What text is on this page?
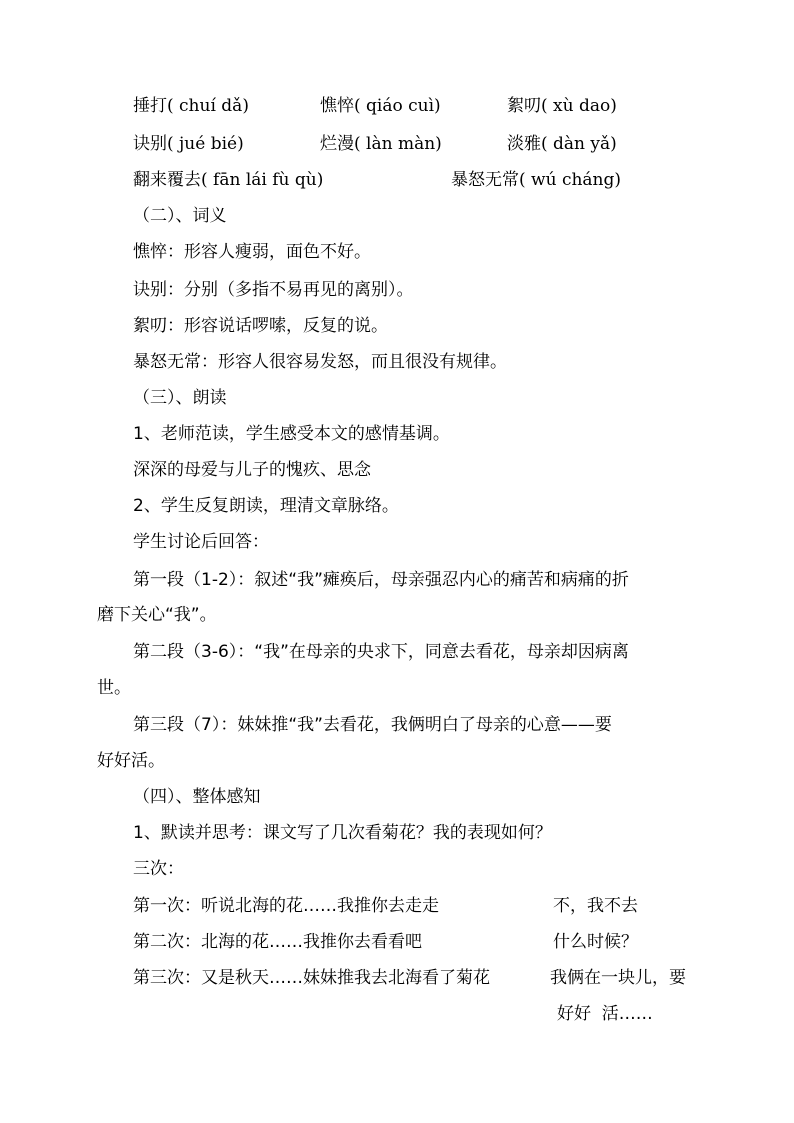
捶打( chuí dǎ)	憔悴( qiáo cuì)	絮叨( xù dao)
诀别( jué bié)	烂漫( làn màn)	淡雅( dàn yǎ)
翻来覆去( fān lái fù qù)	暴怒无常( wú cháng)
（二）、词义
憔悴：形容人瘦弱，面色不好。
诀别：分别（多指不易再见的离别）。
絮叨：形容说话啰嗦，反复的说。
暴怒无常：形容人很容易发怒，而且很没有规律。
（三）、朗读
1、老师范读，学生感受本文的感情基调。
深深的母爱与儿子的愧疚、思念
2、学生反复朗读，理清文章脉络。
学生讨论后回答：
第一段（1-2）：叙述“我”瘫痪后，母亲强忍内心的痛苦和病痛的折
磨下关心“我”。
第二段（3-6）：“我”在母亲的央求下，同意去看花，母亲却因病离
世。
第三段（7）：妹妹推“我”去看花，我俩明白了母亲的心意——要
好好活。
（四）、整体感知
1、默读并思考：课文写了几次看菊花？我的表现如何？
三次：
第一次：听说北海的花……我推你去走走	不，我不去
第二次：北海的花……我推你去看看吧	什么时候？
第三次：又是秋天……妹妹推我去北海看了菊花	我俩在一块儿，要
好好  活……
